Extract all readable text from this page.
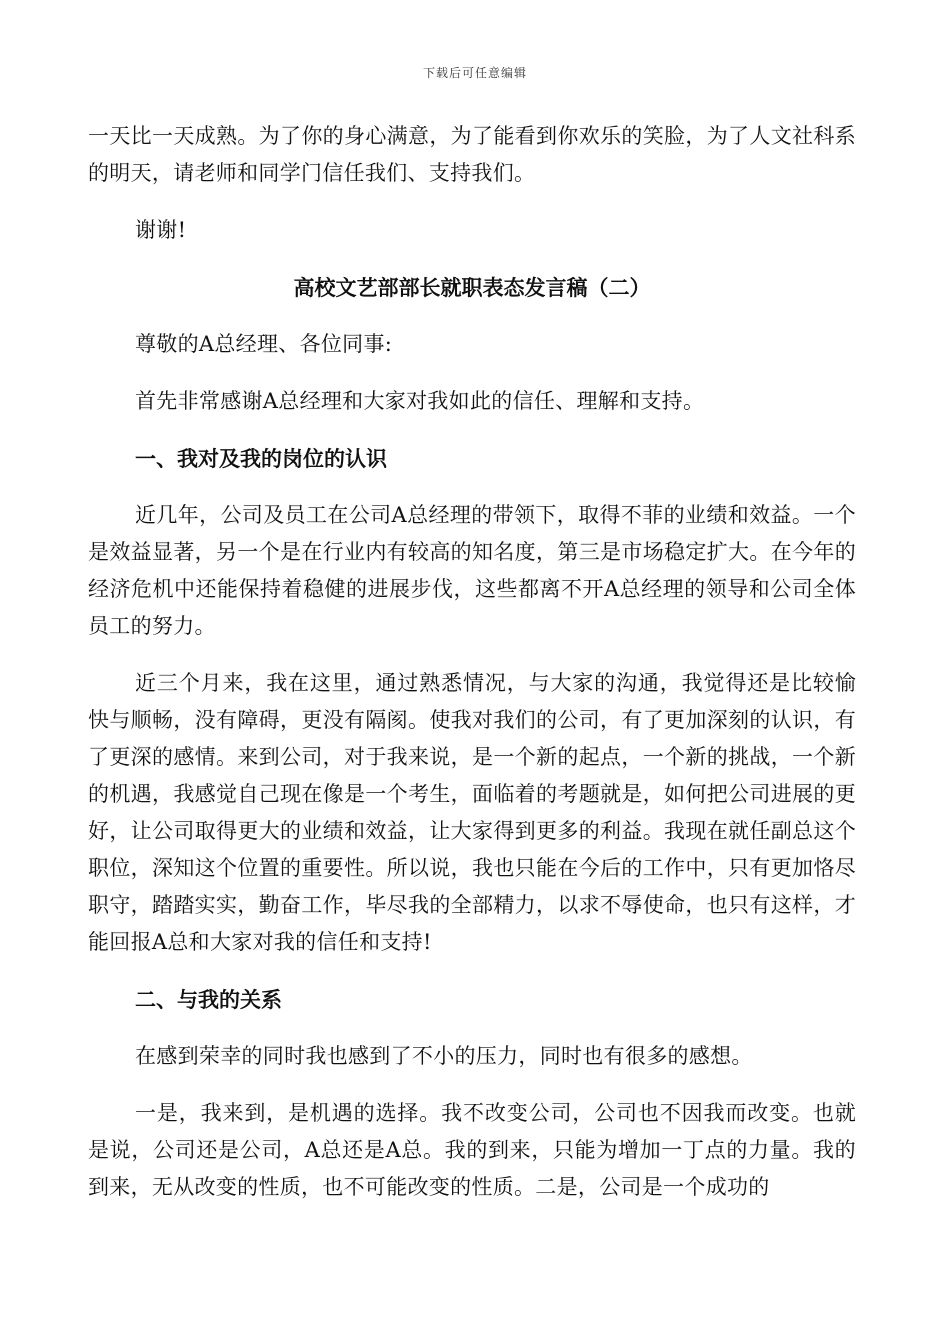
下载后可任意编辑

一天比一天成熟。为了你的身心满意，为了能看到你欢乐的笑脸，为了人文社科系的明天，请老师和同学门信任我们、支持我们。

谢谢!

高校文艺部部长就职表态发言稿（二）

尊敬的A总经理、各位同事:

首先非常感谢A总经理和大家对我如此的信任、理解和支持。

一、我对及我的岗位的认识

近几年，公司及员工在公司A总经理的带领下，取得不菲的业绩和效益。一个是效益显著，另一个是在行业内有较高的知名度，第三是市场稳定扩大。在今年的经济危机中还能保持着稳健的进展步伐，这些都离不开A总经理的领导和公司全体员工的努力。

近三个月来，我在这里，通过熟悉情况，与大家的沟通，我觉得还是比较愉快与顺畅，没有障碍，更没有隔阂。使我对我们的公司，有了更加深刻的认识，有了更深的感情。来到公司，对于我来说，是一个新的起点，一个新的挑战，一个新的机遇，我感觉自己现在像是一个考生，面临着的考题就是，如何把公司进展的更好，让公司取得更大的业绩和效益，让大家得到更多的利益。我现在就任副总这个职位，深知这个位置的重要性。所以说，我也只能在今后的工作中，只有更加恪尽职守，踏踏实实，勤奋工作，毕尽我的全部精力，以求不辱使命，也只有这样，才能回报A总和大家对我的信任和支持!

二、与我的关系

在感到荣幸的同时我也感到了不小的压力，同时也有很多的感想。

一是，我来到，是机遇的选择。我不改变公司，公司也不因我而改变。也就是说，公司还是公司，A总还是A总。我的到来，只能为增加一丁点的力量。我的到来，无从改变的性质，也不可能改变的性质。二是，公司是一个成功的
